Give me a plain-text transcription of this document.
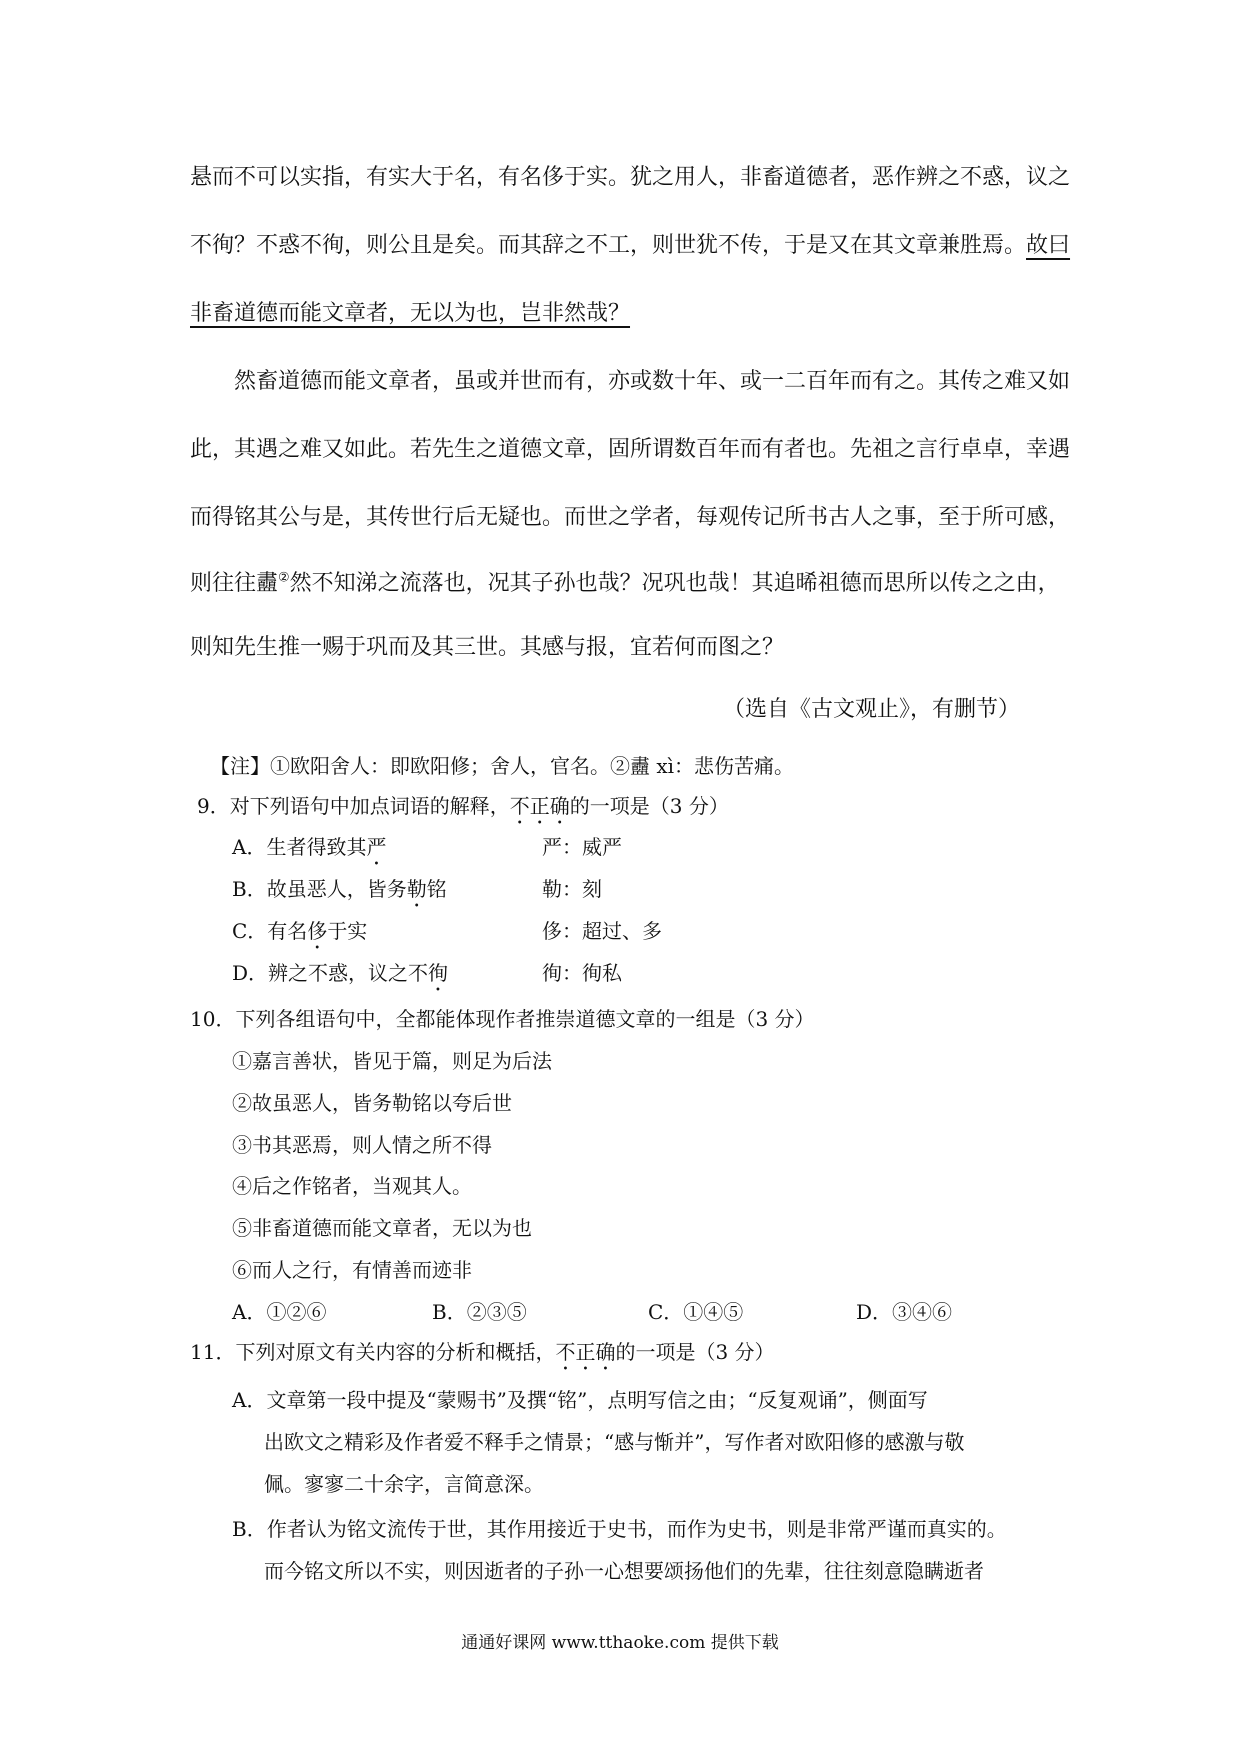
悬而不可以实指，有实大于名，有名侈于实。犹之用人，非畜道德者，恶作辨之不惑，议之
不徇？不惑不徇，则公且是矣。而其辞之不工，则世犹不传，于是又在其文章兼胜焉。故曰
非畜道德而能文章者，无以为也，岂非然哉？
然畜道德而能文章者，虽或并世而有，亦或数十年、或一二百年而有之。其传之难又如
此，其遇之难又如此。若先生之道德文章，固所谓数百年而有者也。先祖之言行卓卓，幸遇
而得铭其公与是，其传世行后无疑也。而世之学者，每观传记所书古人之事，至于所可感，
则往往衋②然不知涕之流落也，况其子孙也哉？况巩也哉！其追晞祖德而思所以传之之由，
则知先生推一赐于巩而及其三世。其感与报，宜若何而图之？
（选自《古文观止》，有删节）
【注】①欧阳舍人：即欧阳修；舍人，官名。②衋 xì：悲伤苦痛。
9．对下列语句中加点词语的解释，不正确的一项是（3 分）
A．生者得致其严	严：威严
B．故虽恶人，皆务勒铭	勒：刻
C．有名侈于实	侈：超过、多
D．辨之不惑，议之不徇	徇：徇私
10．下列各组语句中，全都能体现作者推崇道德文章的一组是（3 分）
①嘉言善状，皆见于篇，则足为后法
②故虽恶人，皆务勒铭以夸后世
③书其恶焉，则人情之所不得
④后之作铭者，当观其人。
⑤非畜道德而能文章者，无以为也
⑥而人之行，有情善而迹非
A．①②⑥	B．②③⑤	C．①④⑤	D．③④⑥
11．下列对原文有关内容的分析和概括，不正确的一项是（3 分）
A．文章第一段中提及“蒙赐书”及撰“铭”，点明写信之由；“反复观诵”，侧面写
出欧文之精彩及作者爱不释手之情景；“感与惭并”，写作者对欧阳修的感激与敬
佩。寥寥二十余字，言简意深。
B．作者认为铭文流传于世，其作用接近于史书，而作为史书，则是非常严谨而真实的。
而今铭文所以不实，则因逝者的子孙一心想要颂扬他们的先辈，往往刻意隐瞒逝者
通通好课网 www.tthaoke.com 提供下载
